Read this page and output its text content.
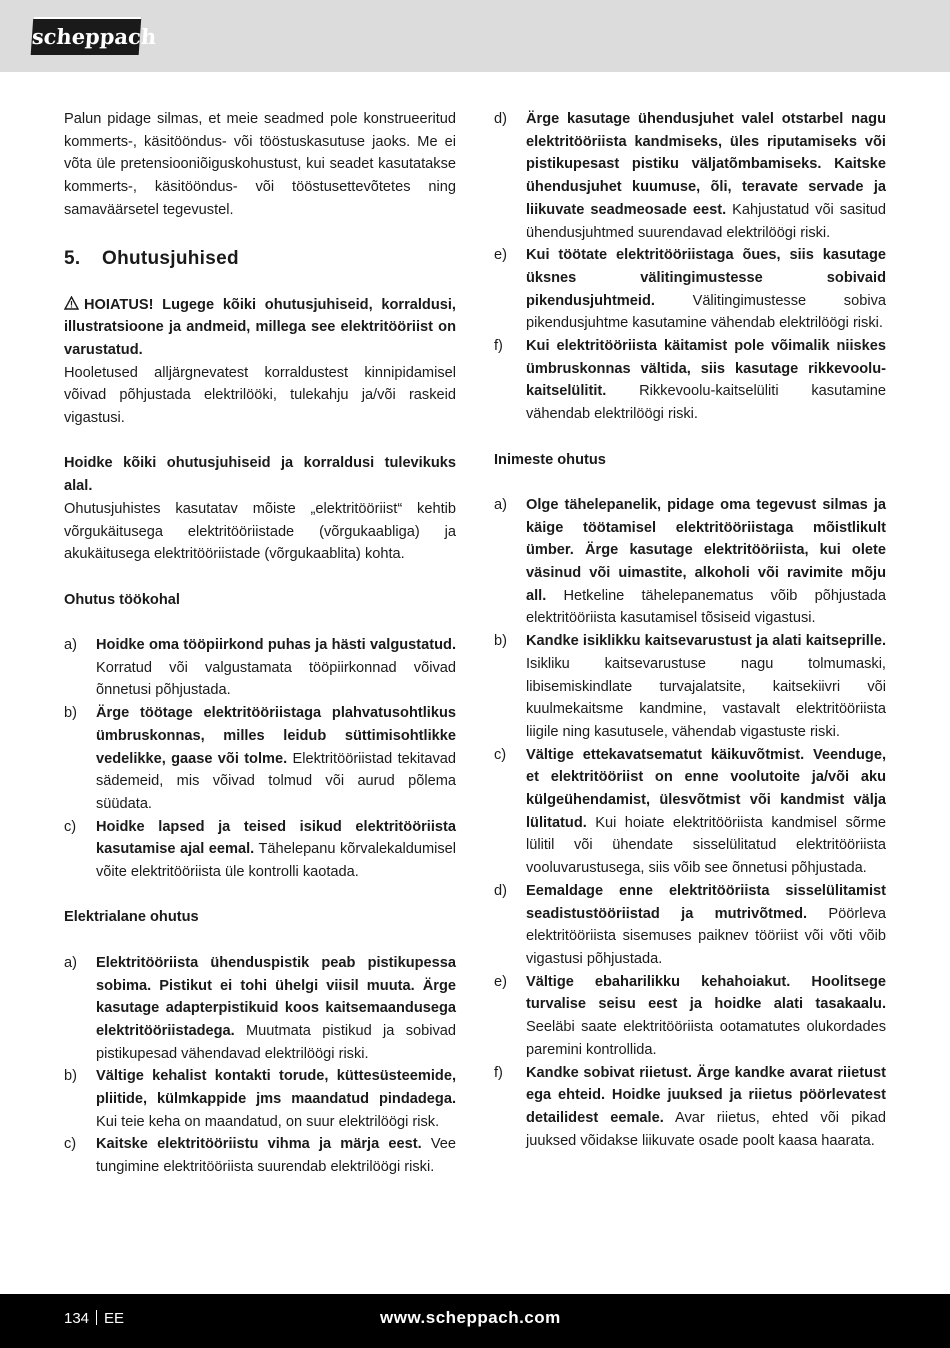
scheppach

Palun pidage silmas, et meie seadmed pole konstrueeritud kommerts-, käsitööndus- või tööstuskasutuse jaoks. Me ei võta üle pretensiooniõiguskohustust, kui seadet kasutatakse kommerts-, käsitööndus- või tööstusettevõtetes ning samaväärsetel tegevustel.

5. Ohutusjuhised

HOIATUS! Lugege kõiki ohutusjuhiseid, korraldusi, illustratsioone ja andmeid, millega see elektritööriist on varustatud.

Hooletused alljärgnevatest korraldustest kinnipidamisel võivad põhjustada elektrilööki, tulekahju ja/või raskeid vigastusi.

Hoidke kõiki ohutusjuhiseid ja korraldusi tulevikuks alal.

Ohutusjuhistes kasutatav mõiste „elektritööriist“ kehtib võrgukäitusega elektritööriistade (võrgukaabliga) ja akukäitusega elektritööriistade (võrgukaablita) kohta.

Ohutus töökohal

a)	Hoidke oma tööpiirkond puhas ja hästi valgustatud. Korratud või valgustamata tööpiirkonnad võivad õnnetusi põhjustada.
b)	Ärge töötage elektritööriistaga plahvatusohtlikus ümbruskonnas, milles leidub süttimisohtlikke vedelikke, gaase või tolme. Elektritööriistad tekitavad sädemeid, mis võivad tolmud või aurud põlema süüdata.
c)	Hoidke lapsed ja teised isikud elektritööriista kasutamise ajal eemal. Tähelepanu kõrvalekaldumisel võite elektritööriista üle kontrolli kaotada.

Elektrialane ohutus

a)	Elektritööriista ühenduspistik peab pistikupessa sobima. Pistikut ei tohi ühelgi viisil muuta. Ärge kasutage adapterpistikuid koos kaitsemaandusega elektritööriistadega. Muutmata pistikud ja sobivad pistikupesad vähendavad elektrilöögi riski.
b)	Vältige kehalist kontakti torude, küttesüsteemide, pliitide, külmkappide jms maandatud pindadega. Kui teie keha on maandatud, on suur elektrilöögi risk.
c)	Kaitske elektritööriistu vihma ja märja eest. Vee tungimine elektritööriista suurendab elektrilöögi riski.
d)	Ärge kasutage ühendusjuhet valel otstarbel nagu elektritööriista kandmiseks, üles riputamiseks või pistikupesast pistiku väljatõmbamiseks. Kaitske ühendusjuhet kuumuse, õli, teravate servade ja liikuvate seadmeosade eest. Kahjustatud või sasitud ühendusjuhtmed suurendavad elektrilöögi riski.
e)	Kui töötate elektritööriistaga õues, siis kasutage üksnes välitingimustesse sobivaid pikendusjuhtmeid. Välitingimustesse sobiva pikendusjuhtme kasutamine vähendab elektrilöögi riski.
f)	Kui elektritööriista käitamist pole võimalik niiskes ümbruskonnas vältida, siis kasutage rikkevoolu-kaitselülitit. Rikkevoolu-kaitselüliti kasutamine vähendab elektrilöögi riski.

Inimeste ohutus

a)	Olge tähelepanelik, pidage oma tegevust silmas ja käige töötamisel elektritööriistaga mõistlikult ümber. Ärge kasutage elektritööriista, kui olete väsinud või uimastite, alkoholi või ravimite mõju all. Hetkeline tähelepanematus võib põhjustada elektritööriista kasutamisel tõsiseid vigastusi.
b)	Kandke isiklikku kaitsevarustust ja alati kaitseprille. Isikliku kaitsevarustuse nagu tolmumaski, libisemiskindlate turvajalatsite, kaitsekiivri või kuulmekaitsme kandmine, vastavalt elektritööriista liigile ning kasutusele, vähendab vigastuste riski.
c)	Vältige ettekavatsematut käikuvõtmist. Veenduge, et elektritööriist on enne voolutoite ja/või aku külgeühendamist, ülesvõtmist või kandmist välja lülitatud. Kui hoiate elektritööriista kandmisel sõrme lülitil või ühendate sisselülitatud elektritööriista vooluvarustusega, siis võib see õnnetusi põhjustada.
d)	Eemaldage enne elektritööriista sisselülitamist seadistustööriistad ja mutrivõtmed. Pöörleva elektritööriista sisemuses paiknev tööriist või võti võib vigastusi põhjustada.
e)	Vältige ebaharilikku kehahoiakut. Hoolitsege turvalise seisu eest ja hoidke alati tasakaalu. Seeläbi saate elektritööriista ootamatutes olukordades paremini kontrollida.
f)	Kandke sobivat riietust. Ärge kandke avarat riietust ega ehteid. Hoidke juuksed ja riietus pöörlevatest detailidest eemale. Avar riietus, ehted või pikad juuksed võidakse liikuvate osade poolt kaasa haarata.
134 EE	www.scheppach.com
